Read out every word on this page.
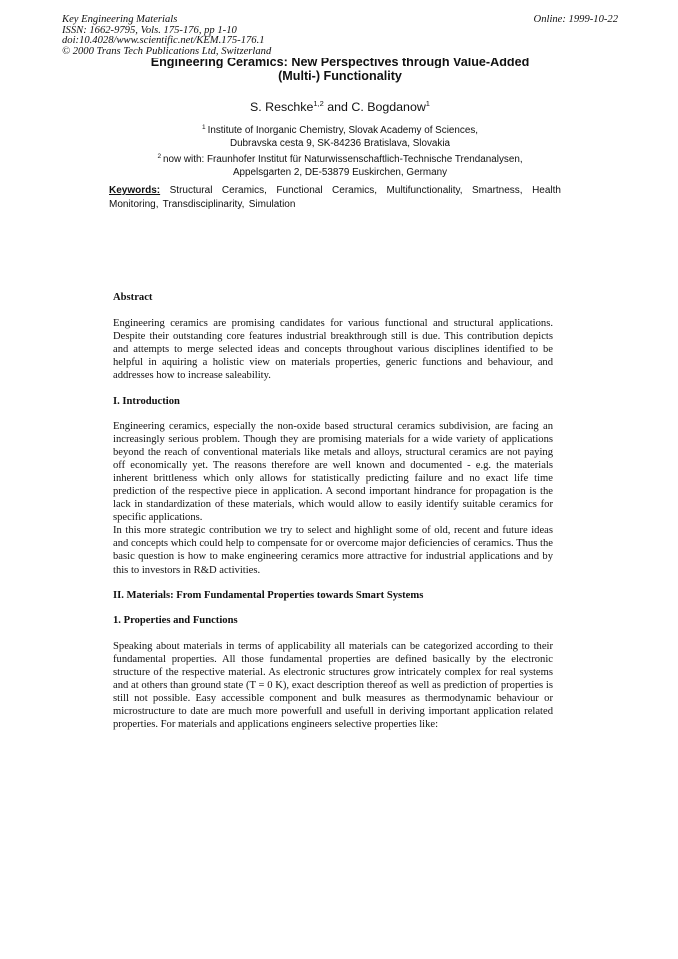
Key Engineering Materials
ISSN: 1662-9795, Vols. 175-176, pp 1-10
doi:10.4028/www.scientific.net/KEM.175-176.1
© 2000 Trans Tech Publications Ltd, Switzerland
Online: 1999-10-22
Engineering Ceramics: New Perspectives through Value-Added
(Multi-) Functionality
S. Reschke$^{1,2}$ and C. Bogdanow$^1$
$^1$  Institute of Inorganic Chemistry, Slovak Academy of Sciences,
Dubravska cesta 9, SK-84236 Bratislava, Slovakia
$^2$  now with: Fraunhofer Institut für Naturwissenschaftlich-Technische Trendanalysen,
Appelsgarten 2, DE-53879 Euskirchen, Germany
Keywords: Structural Ceramics, Functional Ceramics, Multifunctionality, Smartness, Health Monitoring, Transdisciplinarity, Simulation

Abstract

Engineering ceramics are promising candidates for various functional and structural applications. Despite their outstanding core features industrial breakthrough still is due. This contribution depicts and attempts to merge selected ideas and concepts throughout various disciplines identified to be helpful in aquiring a holistic view on materials properties, generic functions and behaviour, and addresses how to increase saleability.

I. Introduction

Engineering ceramics, especially the non-oxide based structural ceramics subdivision, are facing an increasingly serious problem. Though they are promising materials for a wide variety of applications beyond the reach of conventional materials like metals and alloys, structural ceramics are not paying off economically yet. The reasons therefore are well known and documented - e.g. the materials inherent brittleness which only allows for statistically predicting failure and no exact life time prediction of the respective piece in application. A second important hindrance for propagation is the lack in standardization of these materials, which would allow to easily identify suitable ceramics for specific applications.

In this more strategic contribution we try to select and highlight some of old, recent and future ideas and concepts which could help to compensate for or overcome major deficiencies of ceramics. Thus the basic question is how to make engineering ceramics more attractive for industrial applications and by this to investors in R&D activities.

II. Materials: From Fundamental Properties towards Smart Systems

1. Properties and Functions

Speaking about materials in terms of applicability all materials can be categorized according to their fundamental properties. All those fundamental properties are defined basically by the electronic structure of the respective material. As electronic structures grow intricately complex for real systems and at others than ground state (T = 0 K), exact description thereof as well as prediction of properties is still not possible. Easy accessible component and bulk measures as thermodynamic behaviour or microstructure to date are much more powerfull and usefull in deriving important application related properties. For materials and applications engineers selective properties like:
